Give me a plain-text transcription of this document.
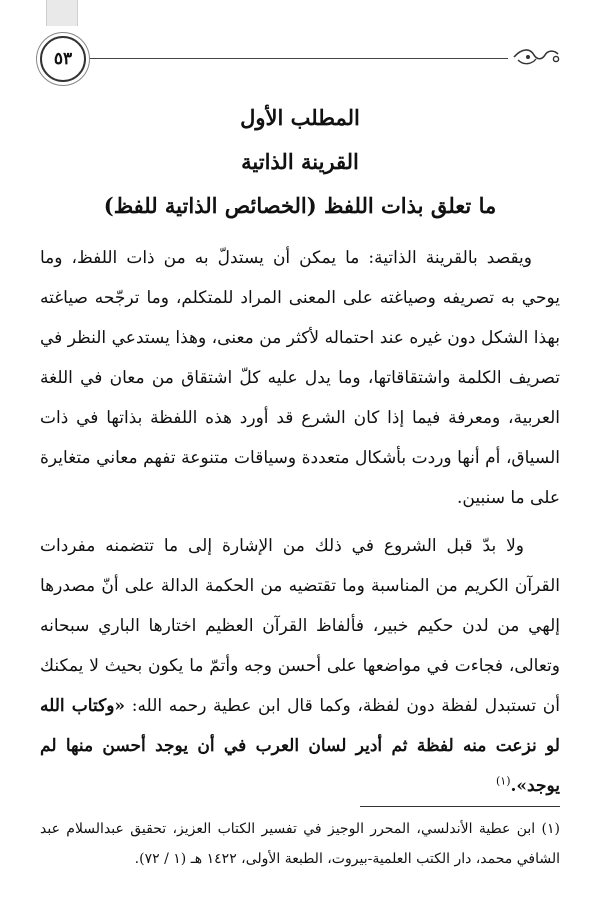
٥٣
المطلب الأول
القرينة الذاتية
ما تعلق بذات اللفظ (الخصائص الذاتية للفظ)

ويقصد بالقرينة الذاتية: ما يمكن أن يستدلّ به من ذات اللفظ، وما يوحي به تصريفه وصياغته على المعنى المراد للمتكلم، وما ترجّحه صياغته بهذا الشكل دون غيره عند احتماله لأكثر من معنى، وهذا يستدعي النظر في تصريف الكلمة واشتقاقاتها، وما يدل عليه كلّ اشتقاق من معان في اللغة العربية، ومعرفة فيما إذا كان الشرع قد أورد هذه اللفظة بذاتها في ذات السياق، أم أنها وردت بأشكال متعددة وسياقات متنوعة تفهم معاني متغايرة على ما سنبين.

ولا بدّ قبل الشروع في ذلك من الإشارة إلى ما تتضمنه مفردات القرآن الكريم من المناسبة وما تقتضيه من الحكمة الدالة على أنّ مصدرها إلهي من لدن حكيم خبير، فألفاظ القرآن العظيم اختارها الباري سبحانه وتعالى، فجاءت في مواضعها على أحسن وجه وأتمّ ما يكون بحيث لا يمكنك أن تستبدل لفظة دون لفظة، وكما قال ابن عطية رحمه الله: «وكتاب الله لو نزعت منه لفظة ثم أدير لسان العرب في أن يوجد أحسن منها لم يوجد».$^{(١)}$

(١) ابن عطية الأندلسي، المحرر الوجيز في تفسير الكتاب العزيز، تحقيق عبدالسلام عبد الشافي محمد، دار الكتب العلمية-بيروت، الطبعة الأولى، ١٤٢٢ هـ (١ / ٧٢).
